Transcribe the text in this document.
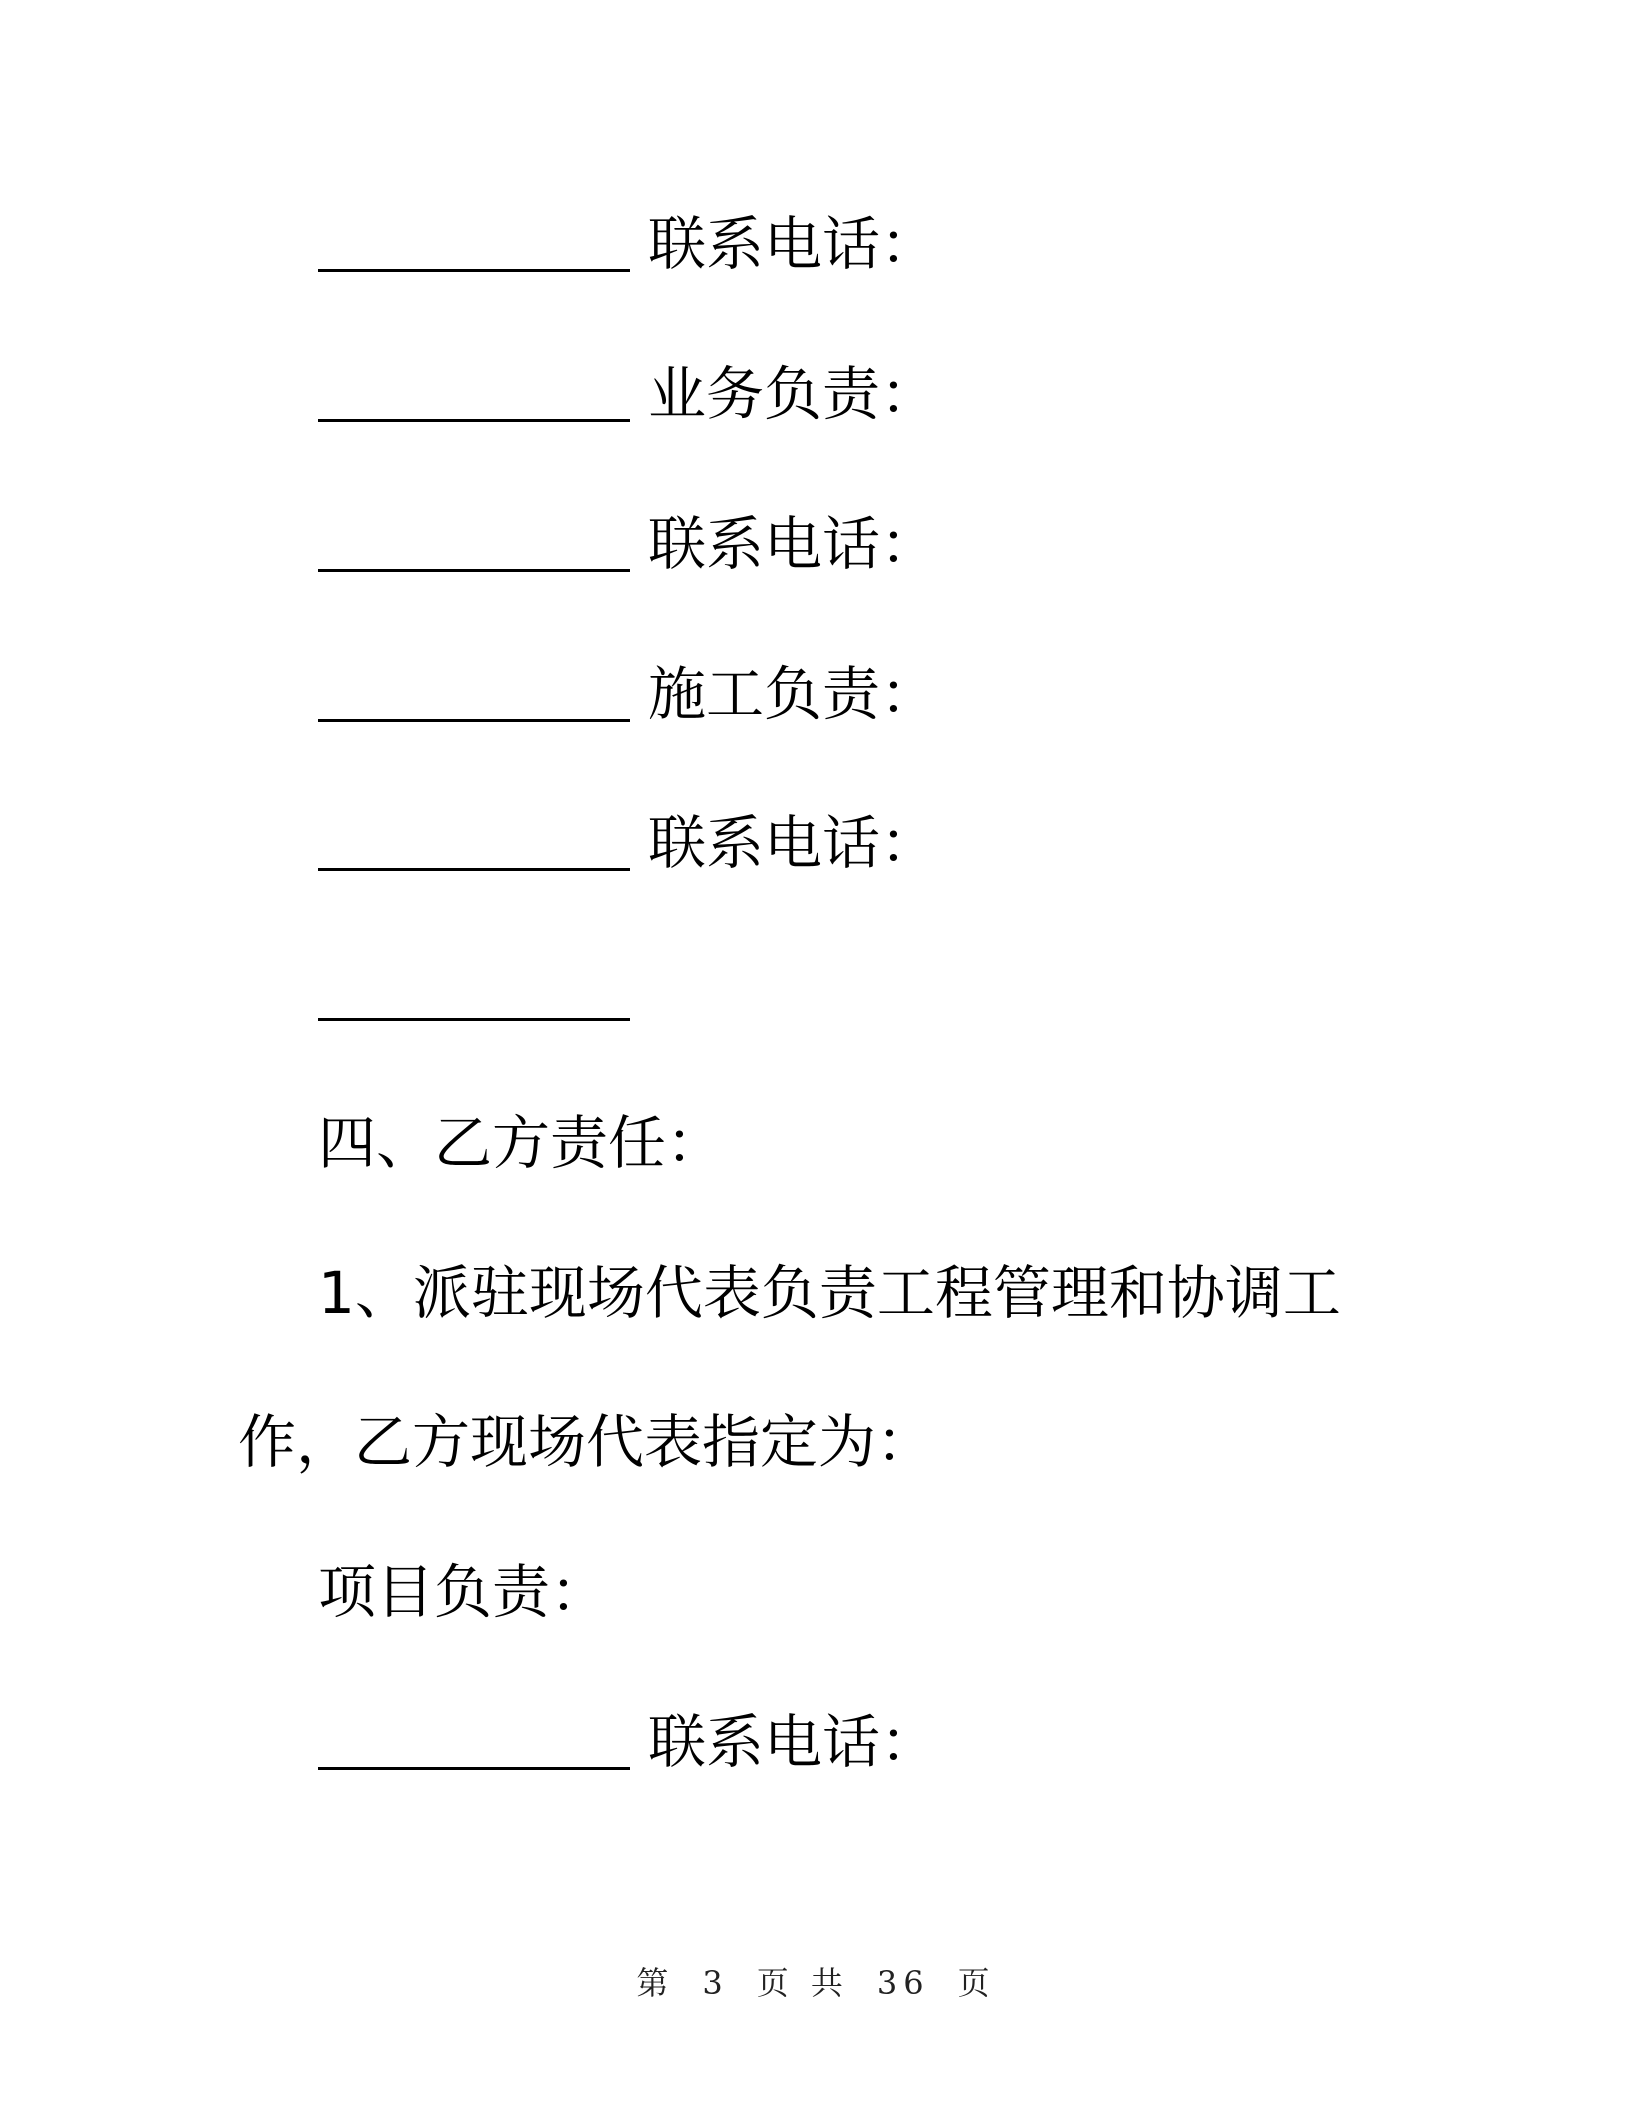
联系电话：
业务负责：
联系电话：
施工负责：
联系电话：
四、乙方责任：
1、派驻现场代表负责工程管理和协调工
作，乙方现场代表指定为：
项目负责：
联系电话：
第 3 页 共 36 页
